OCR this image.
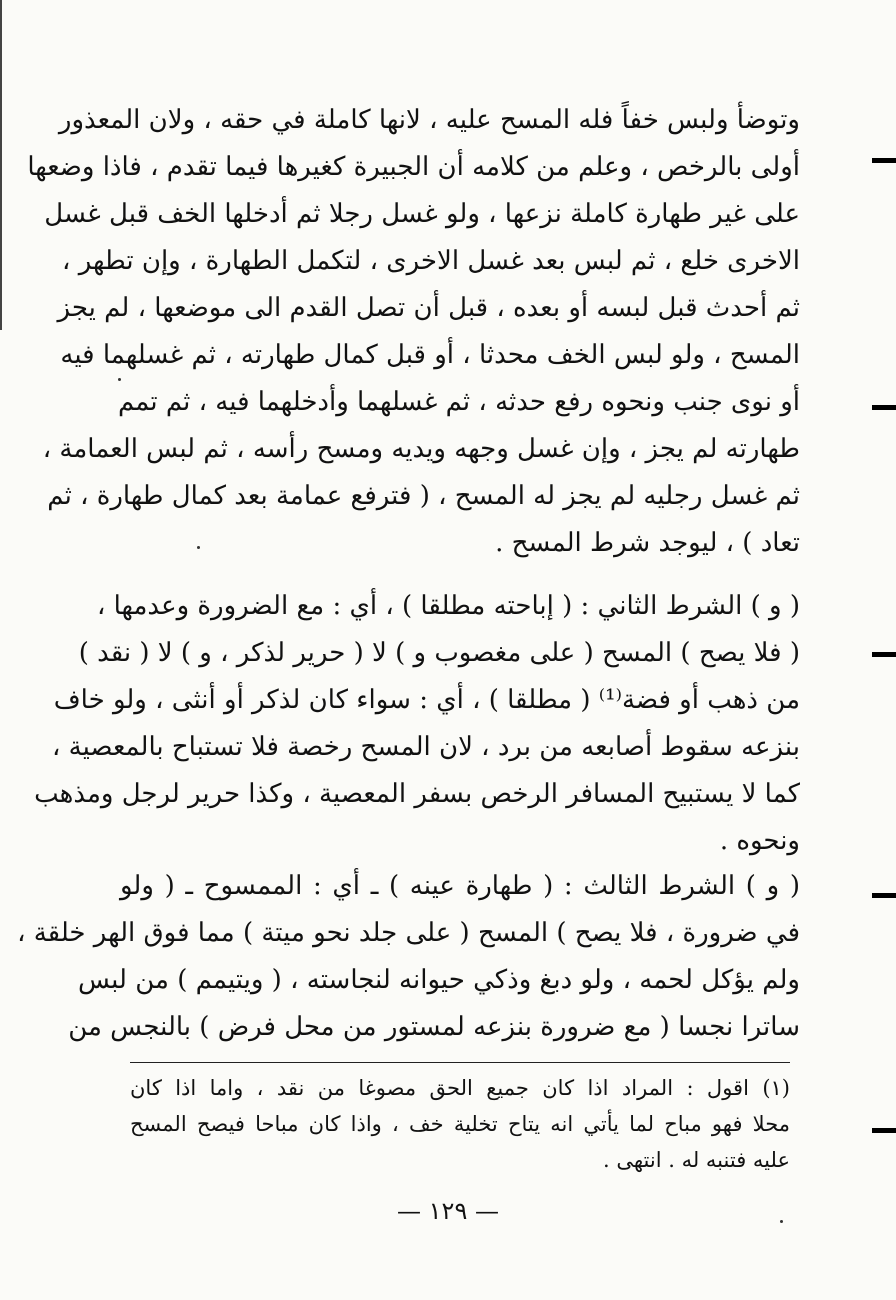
وتوضأ ولبس خفاً فله المسح عليه ، لانها كاملة في حقه ، ولان المعذور
أولى بالرخص ، وعلم من كلامه أن الجبيرة كغيرها فيما تقدم ، فاذا وضعها
على غير طهارة كاملة نزعها ، ولو غسل رجلا ثم أدخلها الخف قبل غسل
الاخرى خلع ، ثم لبس بعد غسل الاخرى ، لتكمل الطهارة ، وإن تطهر ،
ثم أحدث قبل لبسه أو بعده ، قبل أن تصل القدم الى موضعها ، لم يجز
المسح ، ولو لبس الخف محدثا ، أو قبل كمال طهارته ، ثم غسلهما فيه
أو نوى جنب ونحوه رفع حدثه ، ثم غسلهما وأدخلهما فيه ، ثم تمم
طهارته لم يجز ، وإن غسل وجهه ويديه ومسح رأسه ، ثم لبس العمامة ،
ثم غسل رجليه لم يجز له المسح ، ( فترفع عمامة بعد كمال طهارة ، ثم
تعاد ) ، ليوجد شرط المسح .
( و ) الشرط الثاني : ( إباحته مطلقا ) ، أي : مع الضرورة وعدمها ،
( فلا يصح ) المسح ( على مغصوب و ) لا ( حرير لذكر ، و ) لا ( نقد )
من ذهب أو فضة⁽¹⁾ ( مطلقا ) ، أي : سواء كان لذكر أو أنثى ، ولو خاف
بنزعه سقوط أصابعه من برد ، لان المسح رخصة فلا تستباح بالمعصية ،
كما لا يستبيح المسافر الرخص بسفر المعصية ، وكذا حرير لرجل ومذهب
ونحوه .
( و ) الشرط الثالث : ( طهارة عينه ) ـ أي : الممسوح ـ ( ولو
في ضرورة ، فلا يصح ) المسح ( على جلد نحو ميتة ) مما فوق الهر خلقة ،
ولم يؤكل لحمه ، ولو دبغ وذكي حيوانه لنجاسته ، ( ويتيمم ) من لبس
ساترا نجسا ( مع ضرورة بنزعه لمستور من محل فرض ) بالنجس من
(١) اقول : المراد اذا كان جميع الحق مصوغا من نقد ، واما اذا كان
محلا فهو مباح لما يأتي انه يتاح تخلية خف ، واذا كان مباحا فيصح المسح
عليه فتنبه له . انتهى .
— ١٢٩ —
